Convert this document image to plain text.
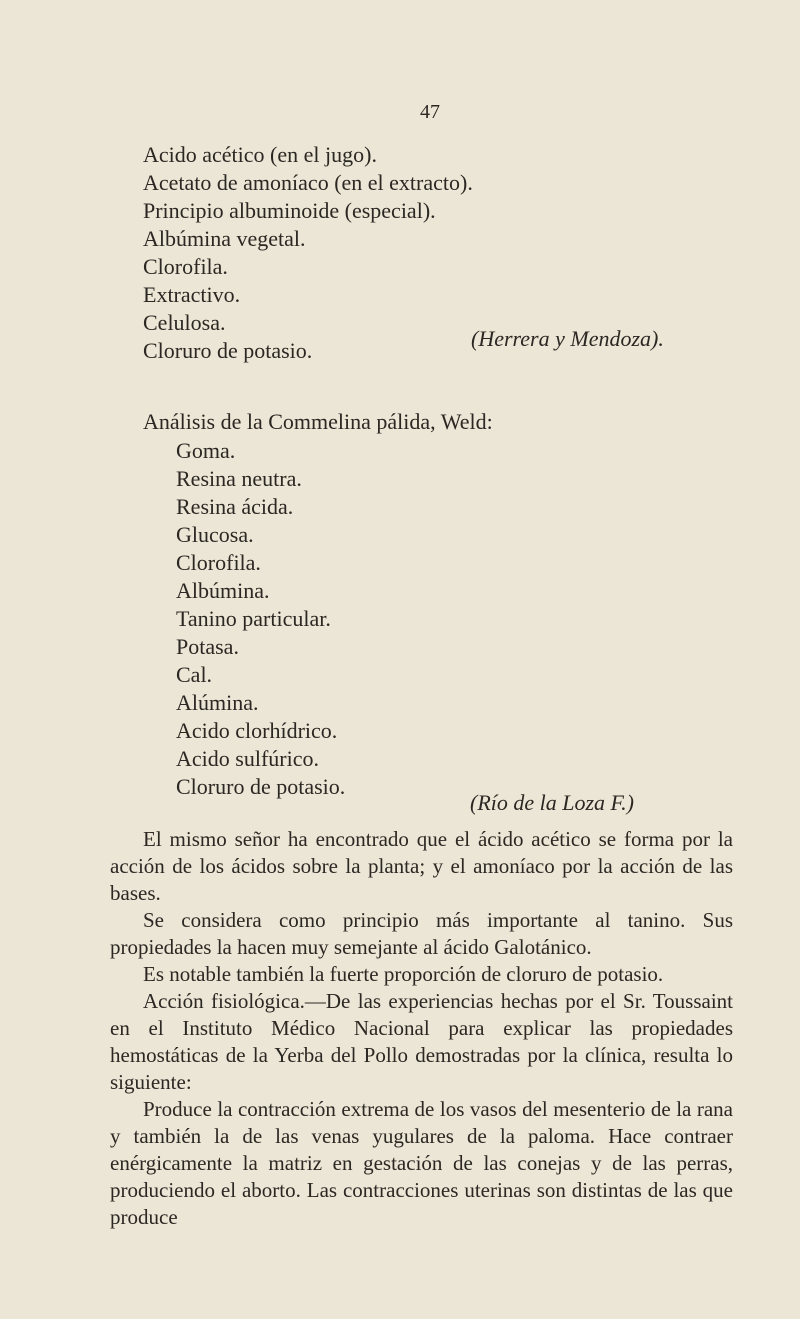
47
Acido acético (en el jugo).
Acetato de amoníaco (en el extracto).
Principio albuminoide (especial).
Albúmina vegetal.
Clorofila.
Extractivo.
Celulosa.
Cloruro de potasio.	(Herrera y Mendoza).
Análisis de la Commelina pálida, Weld:
Goma.
Resina neutra.
Resina ácida.
Glucosa.
Clorofila.
Albúmina.
Tanino particular.
Potasa.
Cal.
Alúmina.
Acido clorhídrico.
Acido sulfúrico.
Cloruro de potasio.
(Río de la Loza F.)

El mismo señor ha encontrado que el ácido acético se forma por la acción de los ácidos sobre la planta; y el amoníaco por la acción de las bases.

Se considera como principio más importante al tanino. Sus propiedades la hacen muy semejante al ácido Galotánico.

Es notable también la fuerte proporción de cloruro de potasio.

Acción fisiológica.—De las experiencias hechas por el Sr. Toussaint en el Instituto Médico Nacional para explicar las propiedades hemostáticas de la Yerba del Pollo demostradas por la clínica, resulta lo siguiente:

Produce la contracción extrema de los vasos del mesenterio de la rana y también la de las venas yugulares de la paloma. Hace contraer enérgicamente la matriz en gestación de las conejas y de las perras, produciendo el aborto. Las contracciones uterinas son distintas de las que produce
